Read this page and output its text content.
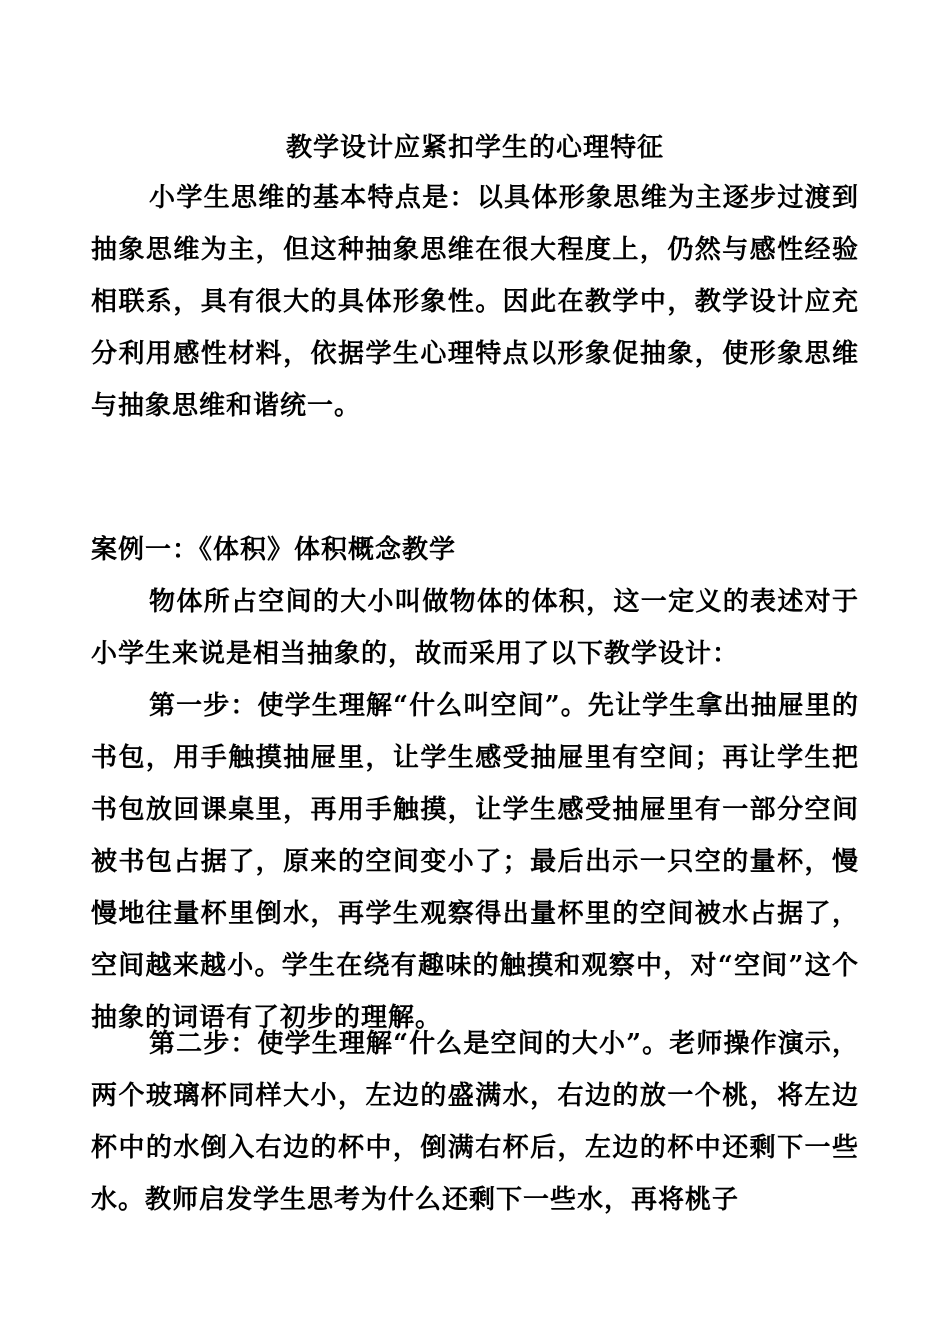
教学设计应紧扣学生的心理特征
小学生思维的基本特点是：以具体形象思维为主逐步过渡到抽象思维为主，但这种抽象思维在很大程度上，仍然与感性经验相联系，具有很大的具体形象性。因此在教学中，教学设计应充分利用感性材料，依据学生心理特点以形象促抽象，使形象思维与抽象思维和谐统一。
案例一：《体积》体积概念教学
物体所占空间的大小叫做物体的体积，这一定义的表述对于小学生来说是相当抽象的，故而采用了以下教学设计：
第一步：使学生理解“什么叫空间”。先让学生拿出抽屉里的书包，用手触摸抽屉里，让学生感受抽屉里有空间；再让学生把书包放回课桌里，再用手触摸，让学生感受抽屉里有一部分空间被书包占据了，原来的空间变小了；最后出示一只空的量杯，慢慢地往量杯里倒水，再学生观察得出量杯里的空间被水占据了，空间越来越小。学生在绕有趣味的触摸和观察中，对“空间”这个抽象的词语有了初步的理解。
第二步：使学生理解“什么是空间的大小”。老师操作演示，两个玻璃杯同样大小，左边的盛满水，右边的放一个桃，将左边杯中的水倒入右边的杯中，倒满右杯后，左边的杯中还剩下一些水。教师启发学生思考为什么还剩下一些水，再将桃子
